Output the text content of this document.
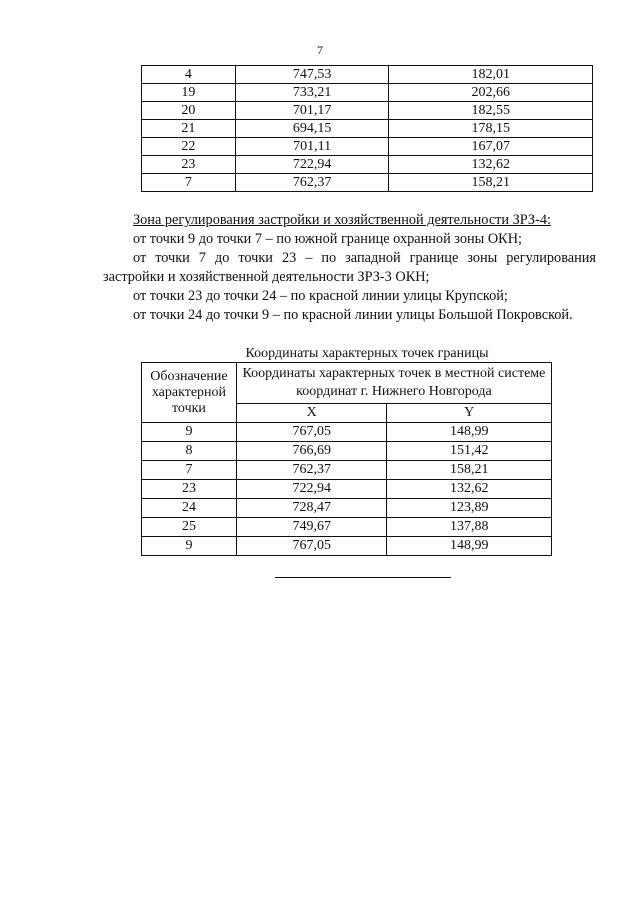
7
4	747,53	182,01
19	733,21	202,66
20	701,17	182,55
21	694,15	178,15
22	701,11	167,07
23	722,94	132,62
7	762,37	158,21

Зона регулирования застройки и хозяйственной деятельности ЗРЗ-4:

от точки 9 до точки 7 – по южной границе охранной зоны ОКН;

от точки 7 до точки 23 – по западной границе зоны регулирования застройки и хозяйственной деятельности ЗРЗ-3 ОКН;

от точки 23 до точки 24 – по красной линии улицы Крупской;

от точки 24 до точки 9 – по красной линии улицы Большой Покровской.

Координаты характерных точек границы
Обозначение характерной точки	Координаты характерных точек в местной системе координат г. Нижнего Новгорода	
	X	Y
9	767,05	148,99
8	766,69	151,42
7	762,37	158,21
23	722,94	132,62
24	728,47	123,89
25	749,67	137,88
9	767,05	148,99
